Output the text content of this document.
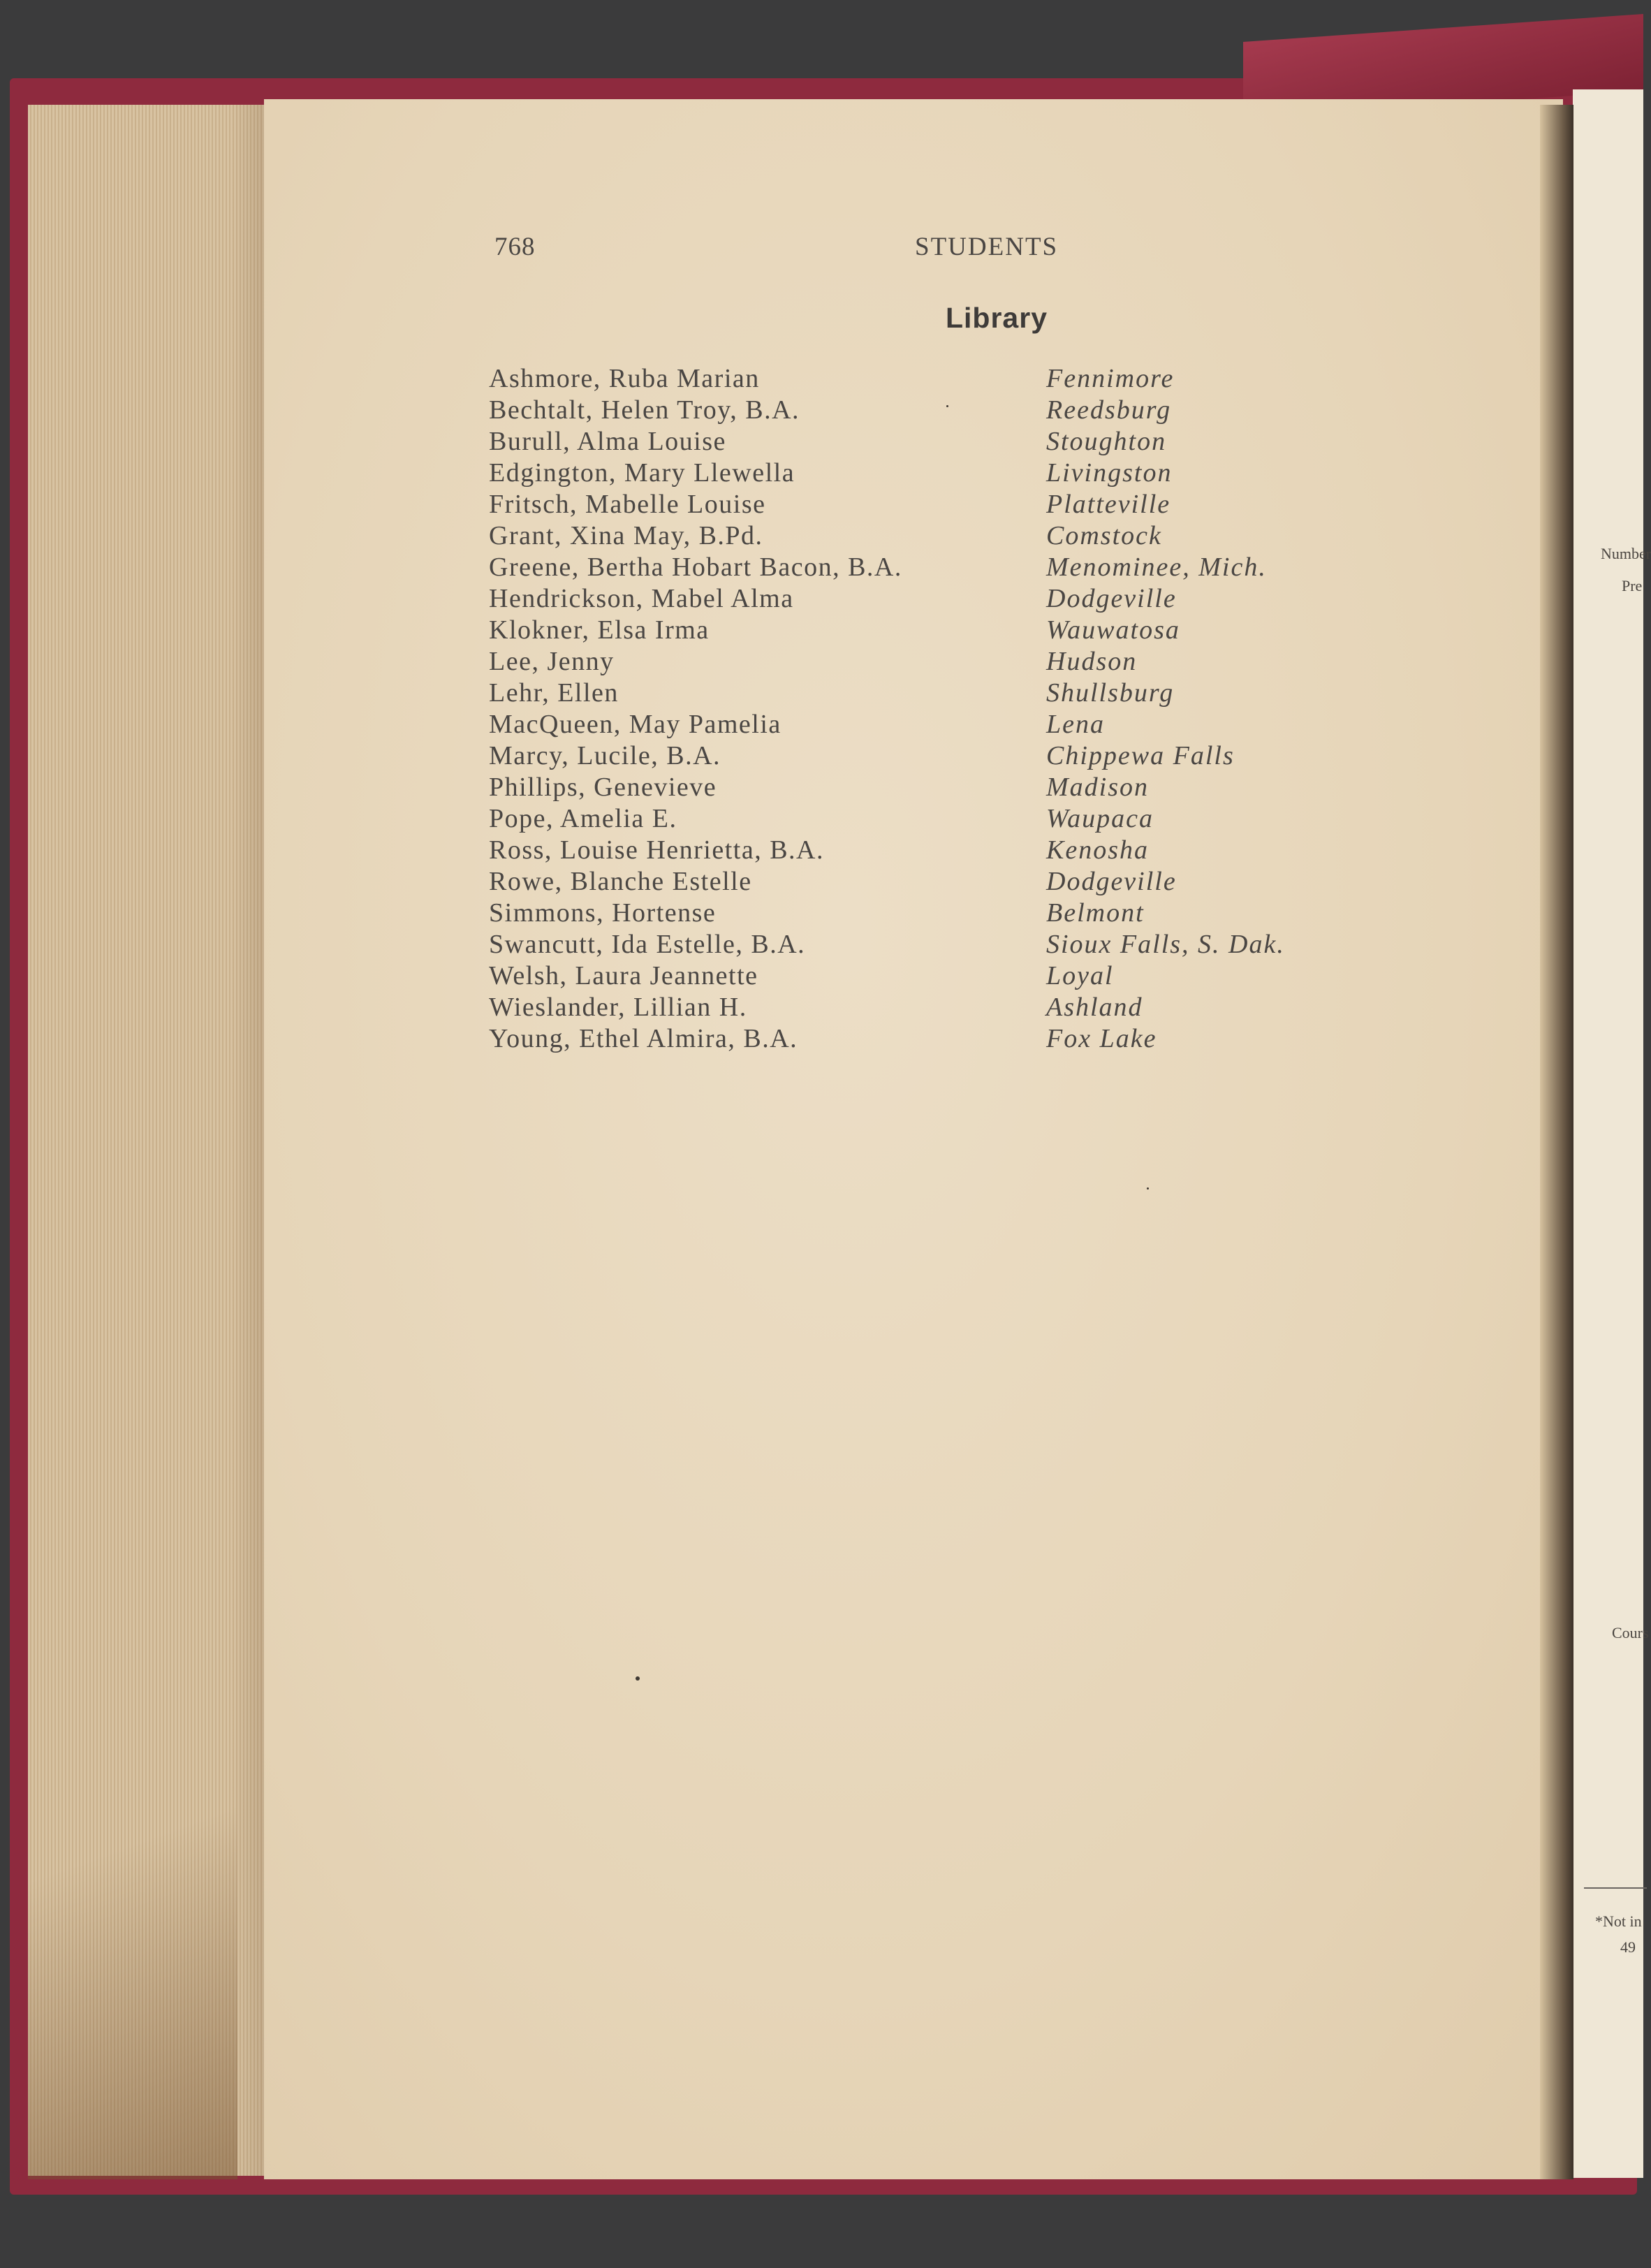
Number
Pre
Cours
*Not in
49
768	STUDENTS
Library
Ashmore, Ruba Marian	Fennimore
Bechtalt, Helen Troy, B.A.	Reedsburg
Burull, Alma Louise	Stoughton
Edgington, Mary Llewella	Livingston
Fritsch, Mabelle Louise	Platteville
Grant, Xina May, B.Pd.	Comstock
Greene, Bertha Hobart Bacon, B.A.	Menominee, Mich.
Hendrickson, Mabel Alma	Dodgeville
Klokner, Elsa Irma	Wauwatosa
Lee, Jenny	Hudson
Lehr, Ellen	Shullsburg
MacQueen, May Pamelia	Lena
Marcy, Lucile, B.A.	Chippewa Falls
Phillips, Genevieve	Madison
Pope, Amelia E.	Waupaca
Ross, Louise Henrietta, B.A.	Kenosha
Rowe, Blanche Estelle	Dodgeville
Simmons, Hortense	Belmont
Swancutt, Ida Estelle, B.A.	Sioux Falls, S. Dak.
Welsh, Laura Jeannette	Loyal
Wieslander, Lillian H.	Ashland
Young, Ethel Almira, B.A.	Fox Lake
